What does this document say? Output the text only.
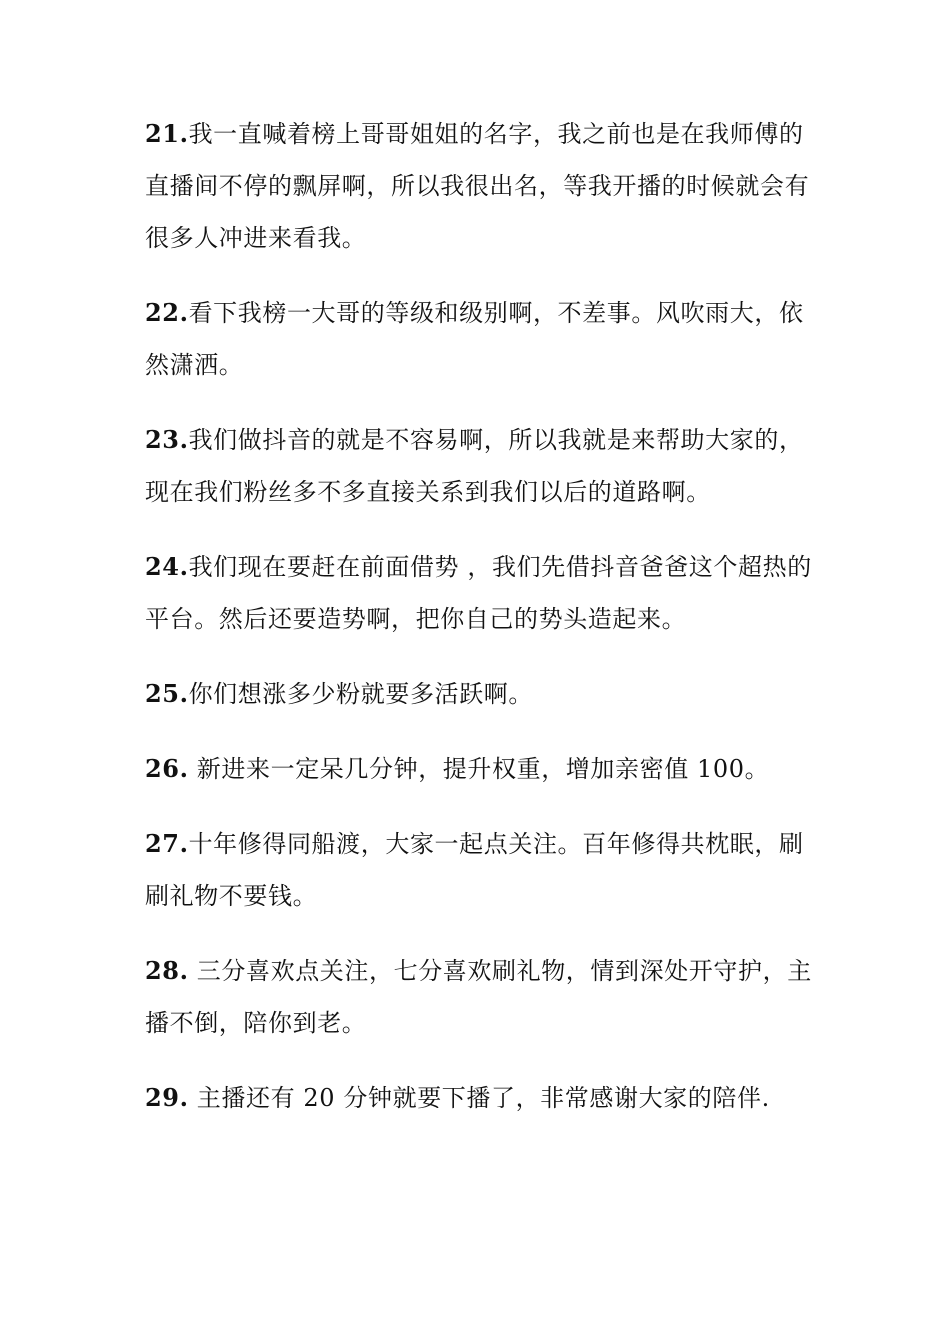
21.我一直喊着榜上哥哥姐姐的名字，我之前也是在我师傅的直播间不停的飘屏啊，所以我很出名，等我开播的时候就会有很多人冲进来看我。

22.看下我榜一大哥的等级和级别啊，不差事。风吹雨大，依然潇洒。

23.我们做抖音的就是不容易啊，所以我就是来帮助大家的，现在我们粉丝多不多直接关系到我们以后的道路啊。

24.我们现在要赶在前面借势 ，我们先借抖音爸爸这个超热的平台。然后还要造势啊，把你自己的势头造起来。

25.你们想涨多少粉就要多活跃啊。

26. 新进来一定呆几分钟，提升权重，增加亲密值 100。

27.十年修得同船渡，大家一起点关注。百年修得共枕眠，刷刷礼物不要钱。

28. 三分喜欢点关注，七分喜欢刷礼物，情到深处开守护，主播不倒，陪你到老。

29. 主播还有 20 分钟就要下播了，非常感谢大家的陪伴.
